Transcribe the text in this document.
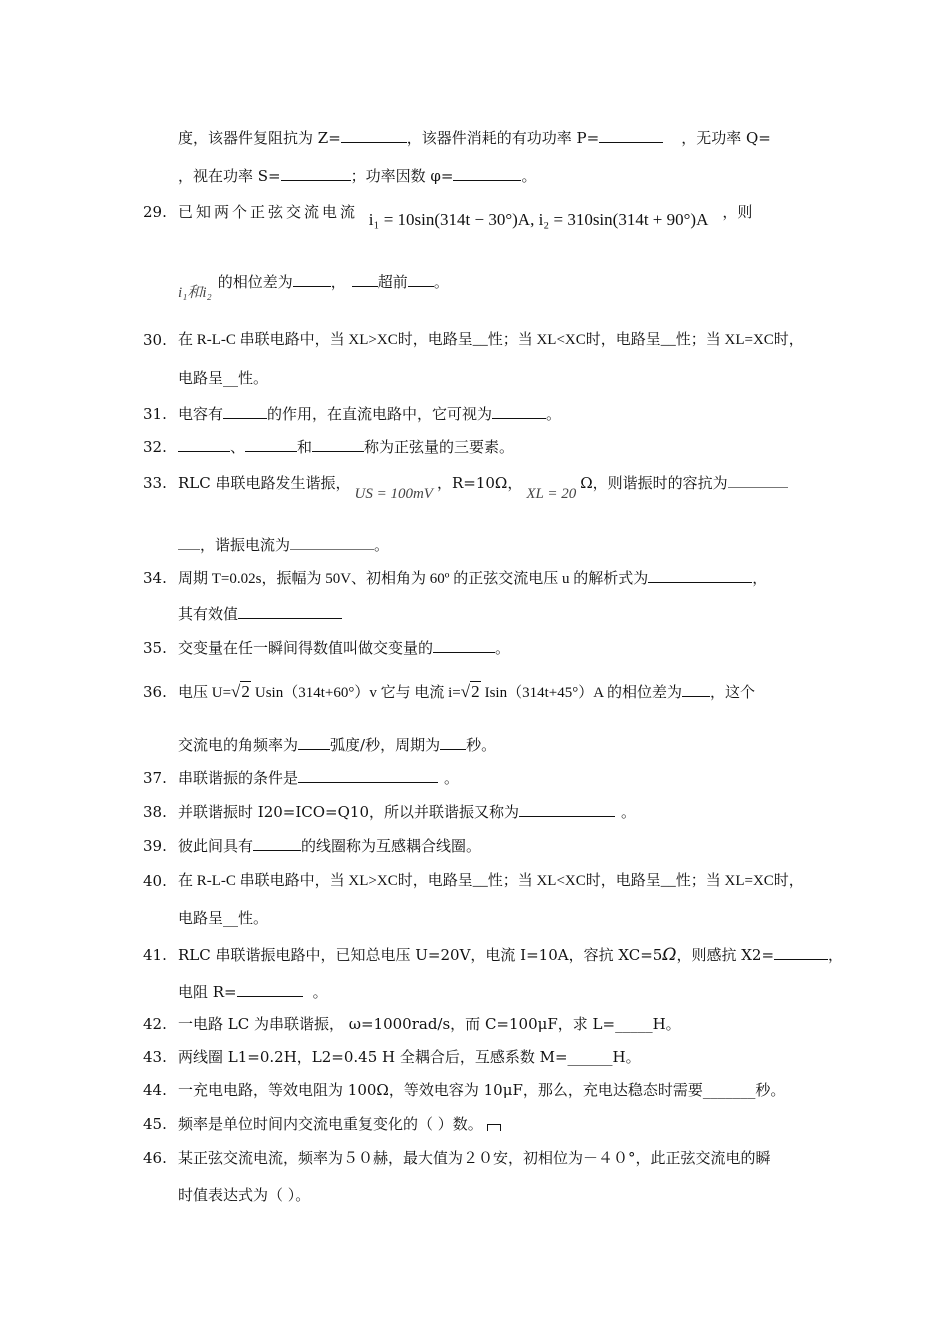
度，该器件复阻抗为 Z=	，该器件消耗的有功功率 P=	，无功率 Q=
，视在功率 S=	；功率因数 φ=	。
29. 已知两个正弦交流电流 i₁ = 10sin(314t − 30°)A, i₂ = 310sin(314t + 90°)A ，则
i₁和i₂的相位差为	， 超前 。
30. 在 R-L-C 串联电路中，当 XL>XC时，电路呈__性；当 XL<XC时，电路呈__性；当 XL=XC时，
电路呈__性。
31. 电容有	的作用，在直流电路中，它可视为	。
32.	、	和	称为正弦量的三要素。
33. RLC 串联电路发生谐振，US = 100mV，R=10Ω，XL = 20Ω，则谐振时的容抗为
，谐振电流为	。
34. 周期 T=0.02s，振幅为 50V、初相角为 60º 的正弦交流电压 u 的解析式为	，
其有效值
35. 交变量在任一瞬间得数值叫做交变量的	。
36. 电压 U=√2 Usin（314t+60°）v 它与 电流 i=√2 Isin（314t+45°）A 的相位差为 ，这个
交流电的角频率为 弧度/秒，周期为 秒。
37. 串联谐振的条件是	。
38. 并联谐振时 I20=ICO=Q10，所以并联谐振又称为	。
39. 彼此间具有	的线圈称为互感耦合线圈。
40. 在 R-L-C 串联电路中，当 XL>XC时，电路呈__性；当 XL<XC时，电路呈__性；当 XL=XC时，
电路呈__性。
41. RLC 串联谐振电路中，已知总电压 U=20V，电流 I=10A，容抗 XC=5Ω，则感抗 X2=	，
电阻 R=	。
42. 一电路 LC 为串联谐振， ω=1000rad/s，而 C=100μF，求 L=_____H。
43. 两线圈 L1=0.2H，L2=0.45 H 全耦合后，互感系数 M=______H。
44. 一充电电路，等效电阻为 100Ω，等效电容为 10μF，那么，充电达稳态时需要_______秒。
45. 频率是单位时间内交流电重复变化的（ ）数。
46. 某正弦交流电流，频率为５０赫，最大值为２０安，初相位为－４０°，此正弦交流电的瞬
时值表达式为（ ）。
